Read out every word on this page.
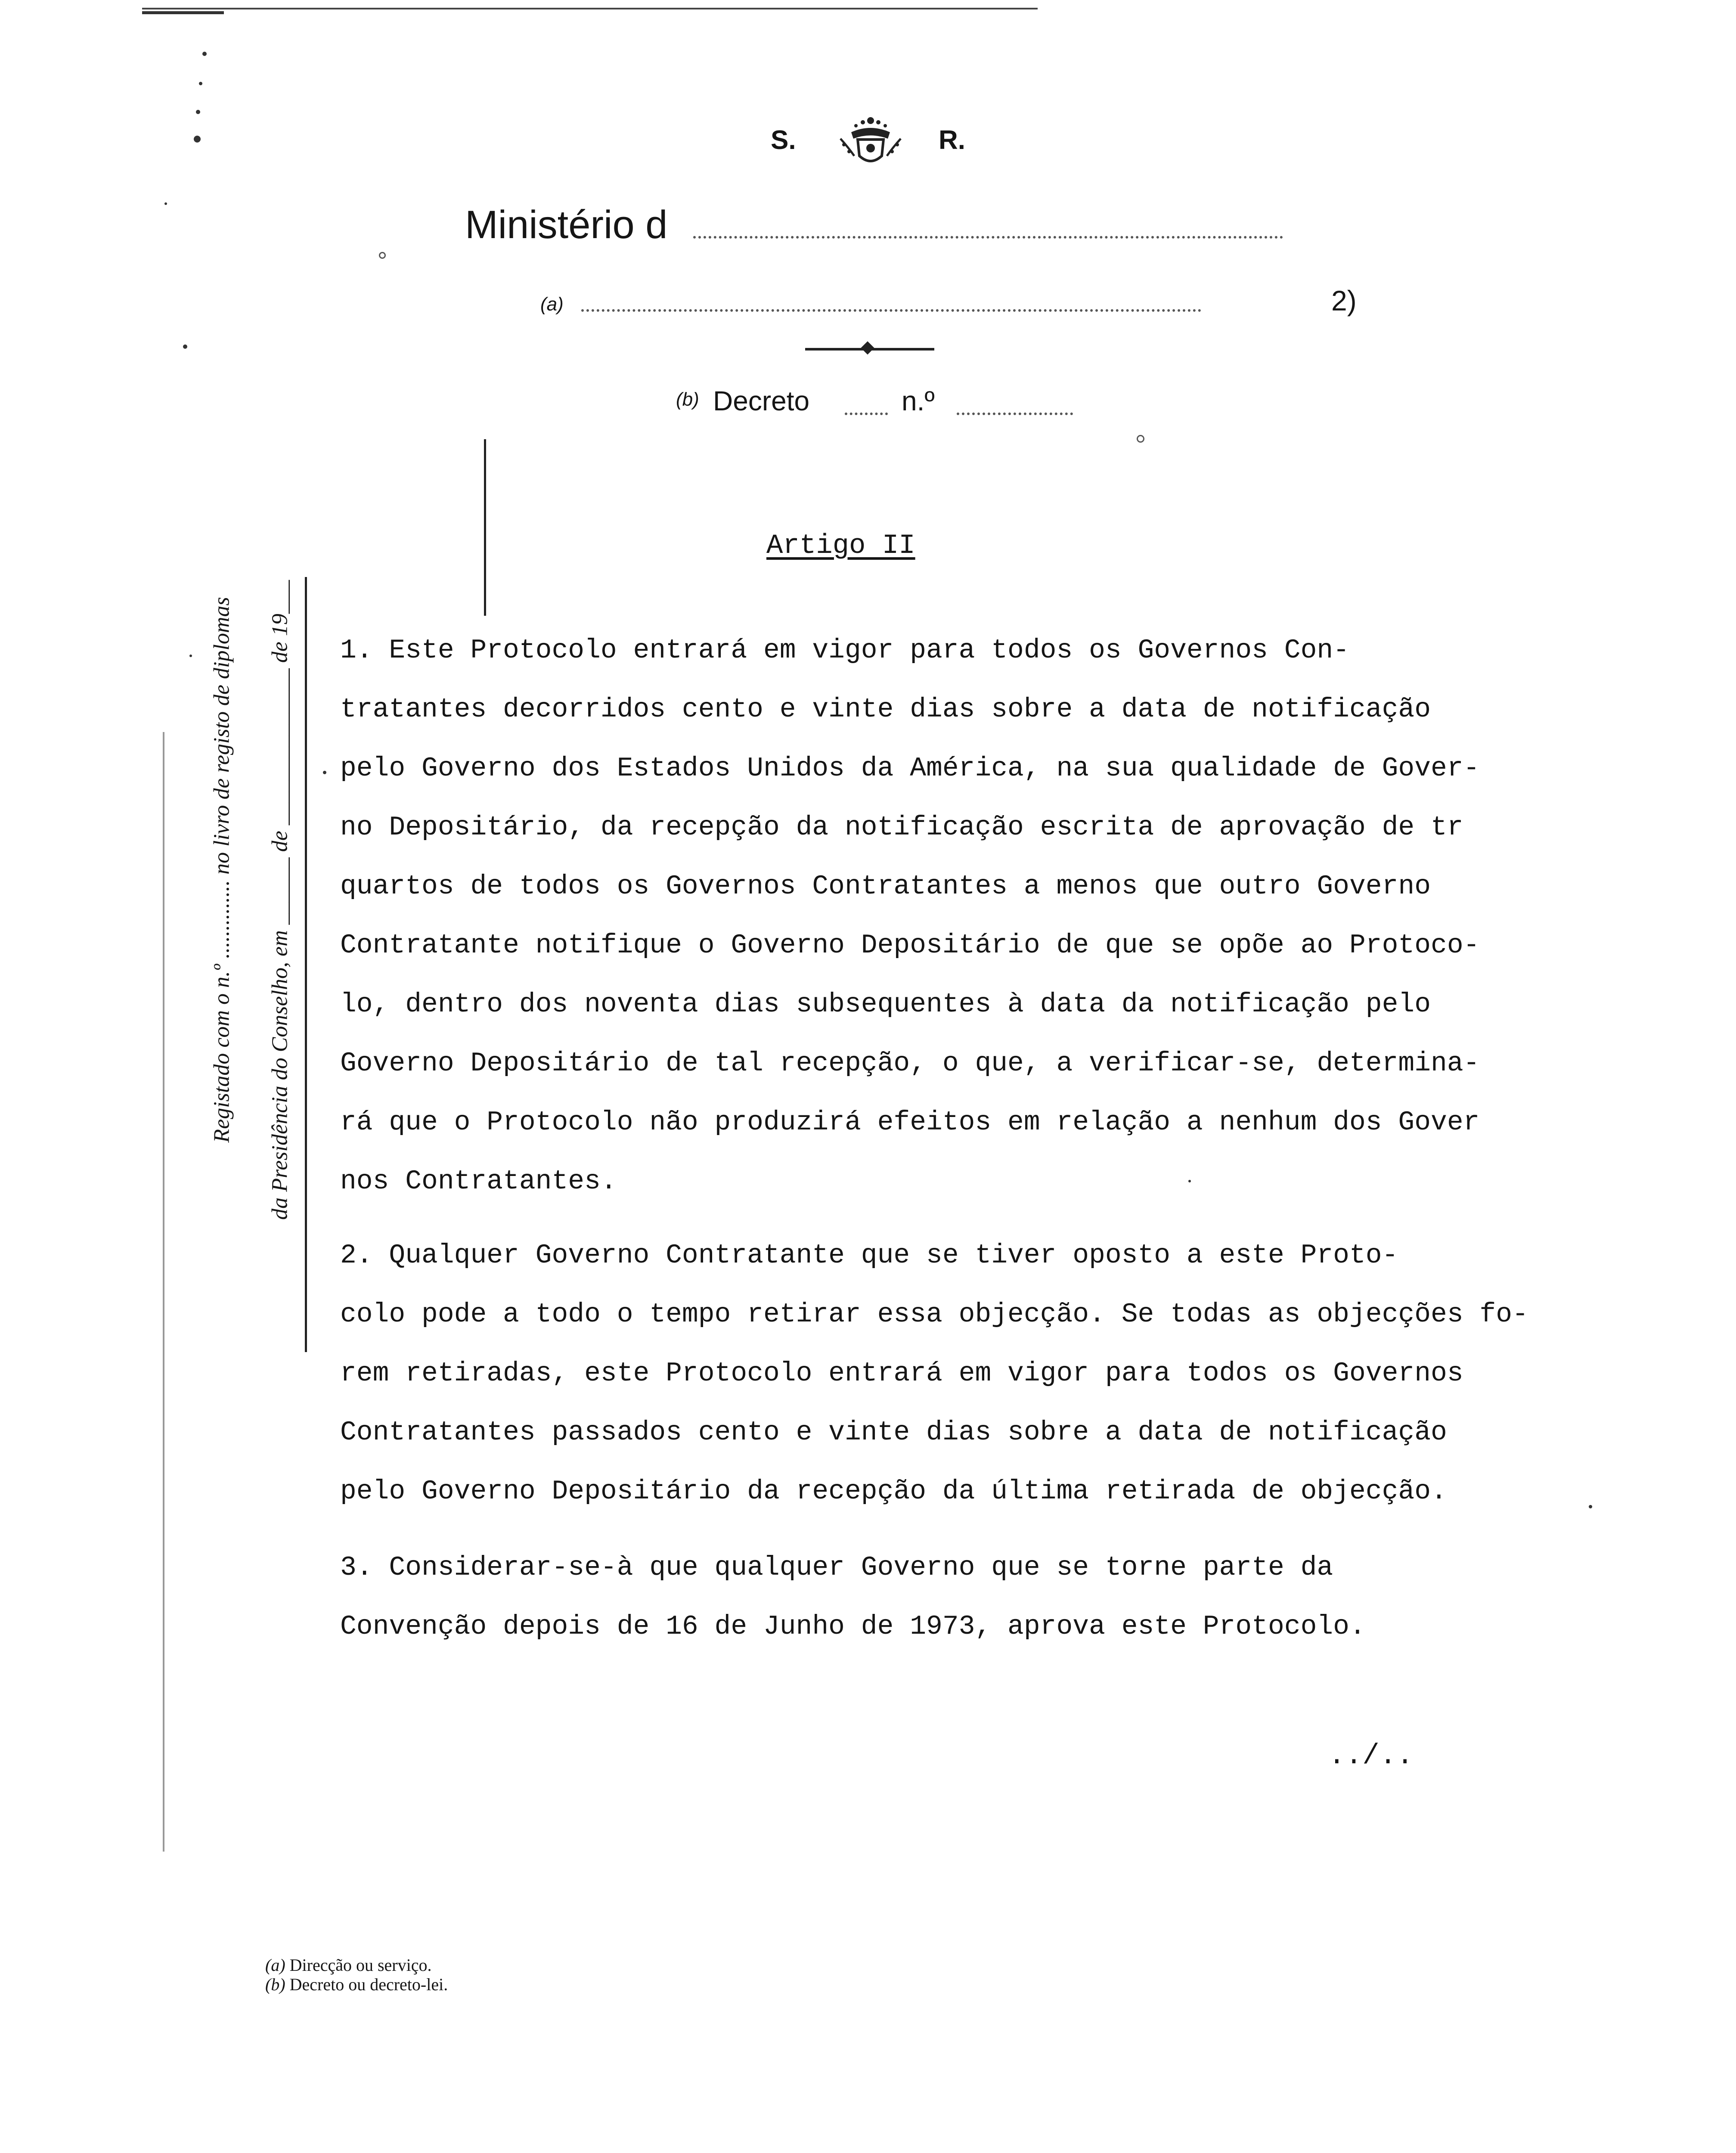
S.	R.
Ministério d
(a)	2)
(b) Decreto	n.º
Registado com o n.º .............. no livro de registo de diplomas da Presidência do Conselho, em ______ de ______________ de 19___
Artigo II
1. Este Protocolo entrará em vigor para todos os Governos Con-
tratantes decorridos cento e vinte dias sobre a data de notificação
pelo Governo dos Estados Unidos da América, na sua qualidade de Gover-
no Depositário, da recepção da notificação escrita de aprovação de tr
quartos de todos os Governos Contratantes a menos que outro Governo
Contratante notifique o Governo Depositário de que se opõe ao Protoco-
lo, dentro dos noventa dias subsequentes à data da notificação pelo
Governo Depositário de tal recepção, o que, a verificar-se, determina-
rá que o Protocolo não produzirá efeitos em relação a nenhum dos Gover
nos Contratantes.
2. Qualquer Governo Contratante que se tiver oposto a este Proto-
colo pode a todo o tempo retirar essa objecção. Se todas as objecções fo-
rem retiradas, este Protocolo entrará em vigor para todos os Governos
Contratantes passados cento e vinte dias sobre a data de notificação
pelo Governo Depositário da recepção da última retirada de objecção.
3. Considerar-se-à que qualquer Governo que se torne parte da
Convenção depois de 16 de Junho de 1973, aprova este Protocolo.
../..
(a) Direcção ou serviço.
(b) Decreto ou decreto-lei.
